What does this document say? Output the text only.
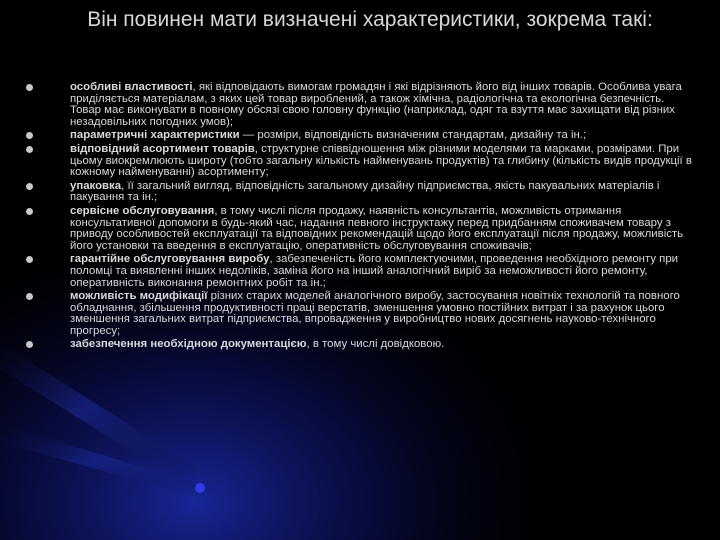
Він повинен мати визначені характеристики, зокрема такі:
особливі властивості, які відповідають вимогам громадян і які відрізняють його від інших товарів. Особлива увага приділяється матеріалам, з яких цей товар вироблений, а також хімічна, радіологічна та екологічна безпечність. Товар має виконувати в повному обсязі свою головну функцію (наприклад, одяг та взуття має захищати від різних незадовільних погодних умов);
параметричні характеристики — розміри, відповідність визначеним стандартам, дизайну та ін.;
відповідний асортимент товарів, структурне співвідношення між різними моделями та марками, розмірами. При цьому виокремлюють широту (тобто загальну кількість найменувань продуктів) та глибину (кількість видів продукції в кожному найменуванні) асортименту;
упаковка, її загальний вигляд, відповідність загальному дизайну підприємства, якість пакувальних матеріалів і пакування та ін.;
сервісне обслуговування, в тому числі після продажу, наявність консультантів, можливість отримання консультативної допомоги в будь-який час, надання певного інструктажу перед придбанням споживачем товару з приводу особливостей експлуатації та відповідних рекомендацій щодо його експлуатації після продажу, можливість його установки та введення в експлуатацію, оперативність обслуговування споживачів;
гарантійне обслуговування виробу, забезпеченість його комплектуючими, проведення необхідного ремонту при поломці та виявленні інших недоліків, заміна його на інший аналогічний виріб за неможливості його ремонту, оперативність виконання ремонтних робіт та ін.;
можливість модифікації різних старих моделей аналогічного виробу, застосування новітніх технологій та повного обладнання, збільшення продуктивності праці верстатів, зменшення умовно постійних витрат і за рахунок цього зменшення загальних витрат підприємства, впровадження у виробництво нових досягнень науково-технічного прогресу;
забезпечення необхідною документацією, в тому числі довідковою.
